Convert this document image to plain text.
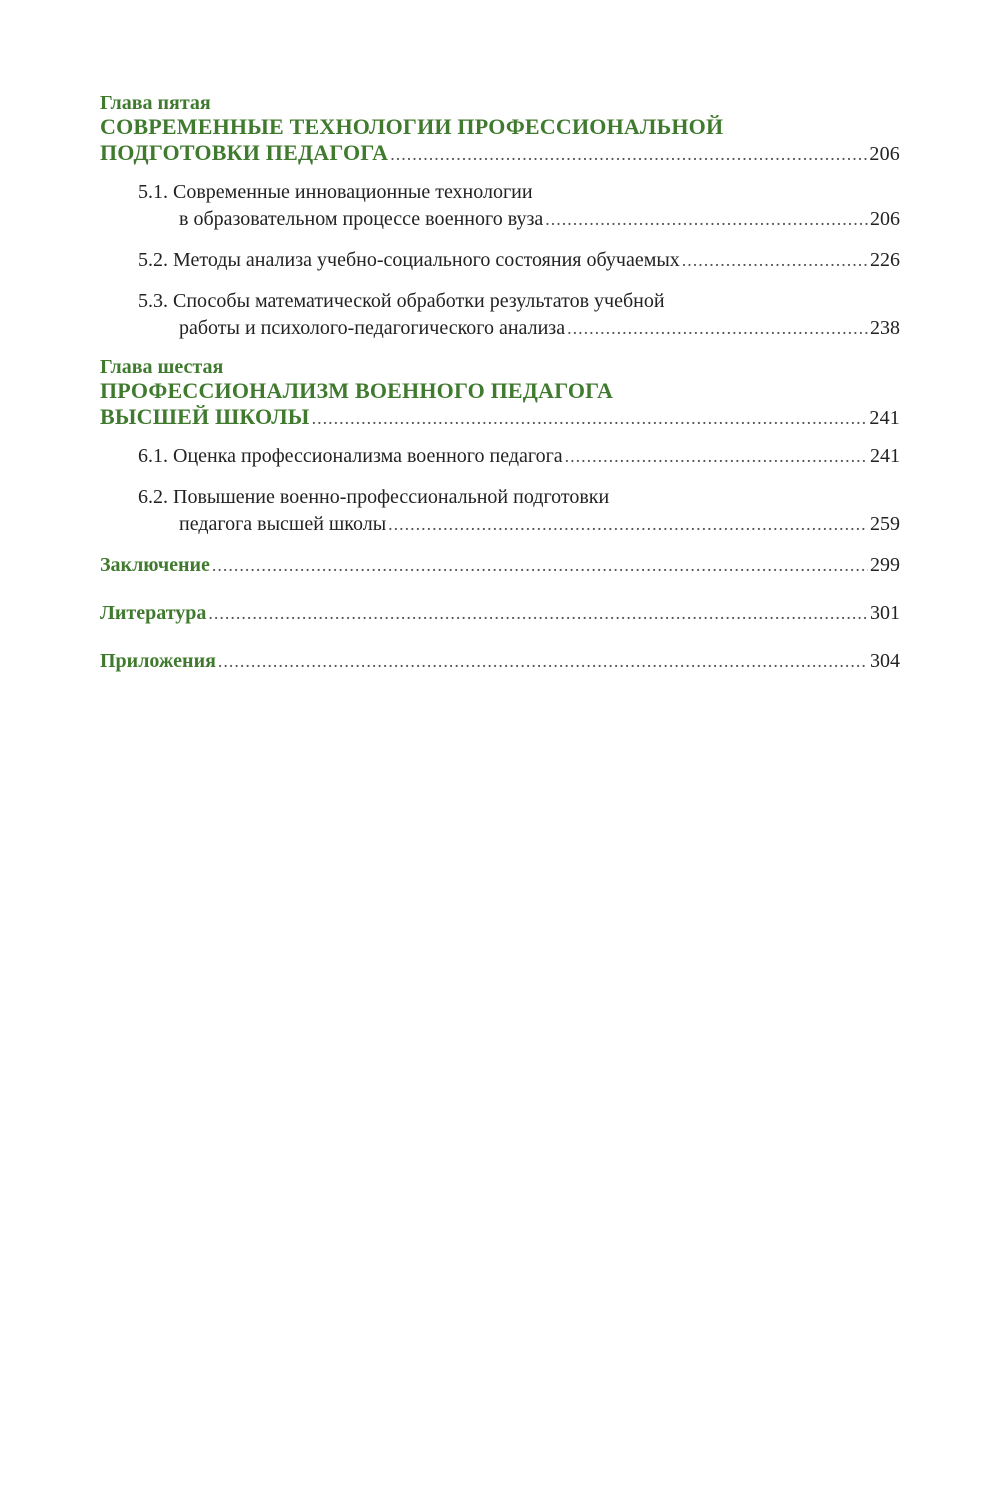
Глава пятая
СОВРЕМЕННЫЕ ТЕХНОЛОГИИ ПРОФЕССИОНАЛЬНОЙ
ПОДГОТОВКИ ПЕДАГОГА .....	206
5.1. Современные инновационные технологии
в образовательном процессе военного вуза .....	206
5.2. Методы анализа учебно-социального состояния обучаемых .....	226
5.3. Способы математической обработки результатов учебной
работы и психолого-педагогического анализа .....	238
Глава шестая
ПРОФЕССИОНАЛИЗМ ВОЕННОГО ПЕДАГОГА
ВЫСШЕЙ ШКОЛЫ .....	241
6.1. Оценка профессионализма военного педагога .....	241
6.2. Повышение военно-профессиональной подготовки
педагога высшей школы .....	259
Заключение .....	299
Литература .....	301
Приложения .....	304
